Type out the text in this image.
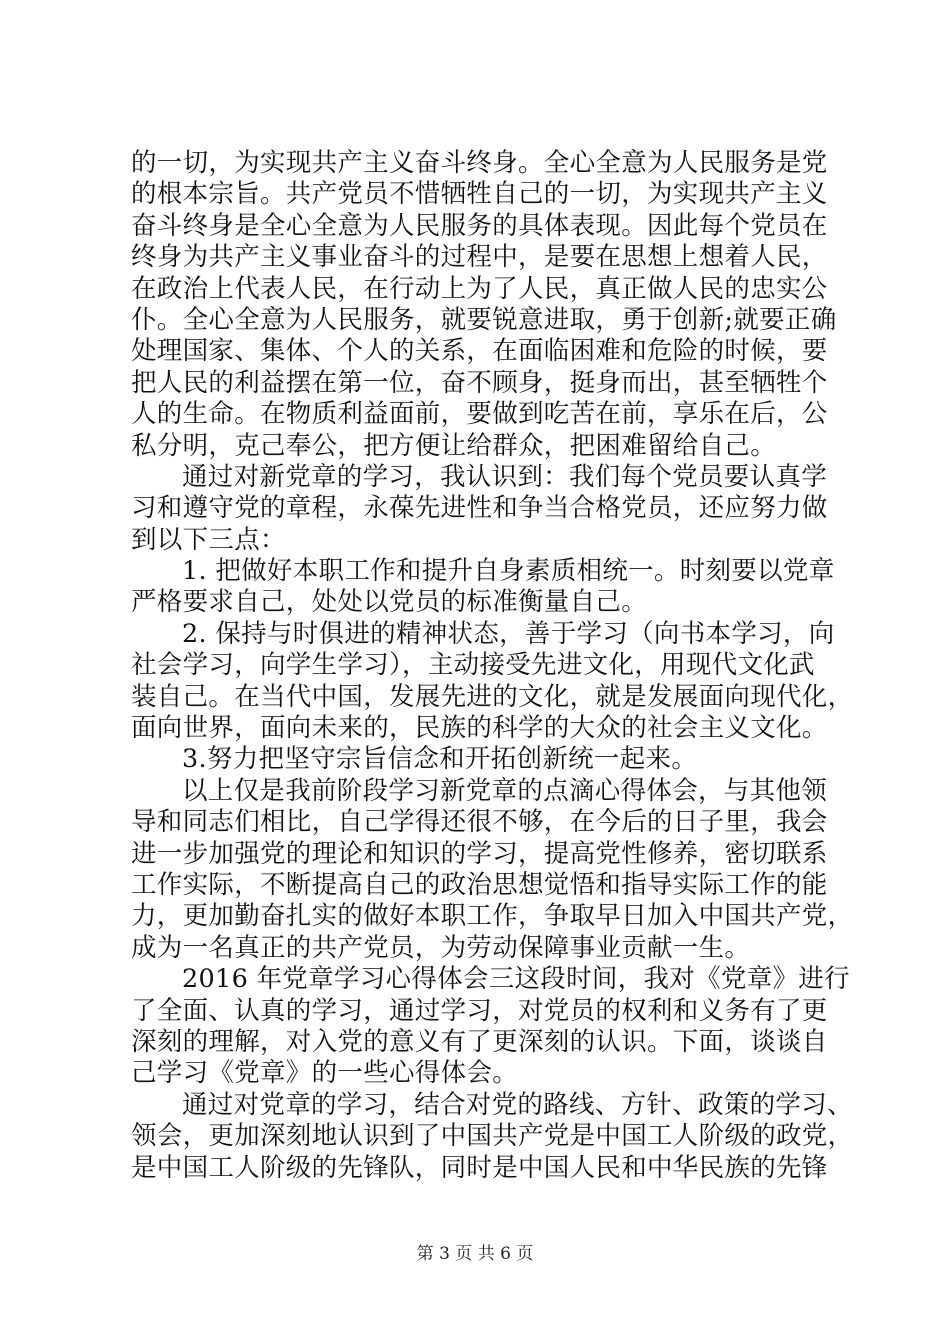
的一切，为实现共产主义奋斗终身。全心全意为人民服务是党
的根本宗旨。共产党员不惜牺牲自己的一切，为实现共产主义
奋斗终身是全心全意为人民服务的具体表现。因此每个党员在
终身为共产主义事业奋斗的过程中，是要在思想上想着人民，
在政治上代表人民，在行动上为了人民，真正做人民的忠实公
仆。全心全意为人民服务，就要锐意进取，勇于创新;就要正确
处理国家、集体、个人的关系，在面临困难和危险的时候，要
把人民的利益摆在第一位，奋不顾身，挺身而出，甚至牺牲个
人的生命。在物质利益面前，要做到吃苦在前，享乐在后，公
私分明，克己奉公，把方便让给群众，把困难留给自己。
通过对新党章的学习，我认识到：我们每个党员要认真学
习和遵守党的章程，永葆先进性和争当合格党员，还应努力做
到以下三点：
1. 把做好本职工作和提升自身素质相统一。时刻要以党章
严格要求自己，处处以党员的标准衡量自己。
2. 保持与时俱进的精神状态，善于学习（向书本学习，向
社会学习，向学生学习），主动接受先进文化，用现代文化武
装自己。在当代中国，发展先进的文化，就是发展面向现代化，
面向世界，面向未来的，民族的科学的大众的社会主义文化。
3.努力把坚守宗旨信念和开拓创新统一起来。
以上仅是我前阶段学习新党章的点滴心得体会，与其他领
导和同志们相比，自己学得还很不够，在今后的日子里，我会
进一步加强党的理论和知识的学习，提高党性修养，密切联系
工作实际，不断提高自己的政治思想觉悟和指导实际工作的能
力，更加勤奋扎实的做好本职工作，争取早日加入中国共产党，
成为一名真正的共产党员，为劳动保障事业贡献一生。
2016 年党章学习心得体会三这段时间，我对《党章》进行
了全面、认真的学习，通过学习，对党员的权利和义务有了更
深刻的理解，对入党的意义有了更深刻的认识。下面，谈谈自
己学习《党章》的一些心得体会。
通过对党章的学习，结合对党的路线、方针、政策的学习、
领会，更加深刻地认识到了中国共产党是中国工人阶级的政党，
是中国工人阶级的先锋队，同时是中国人民和中华民族的先锋
第 3 页 共 6 页
